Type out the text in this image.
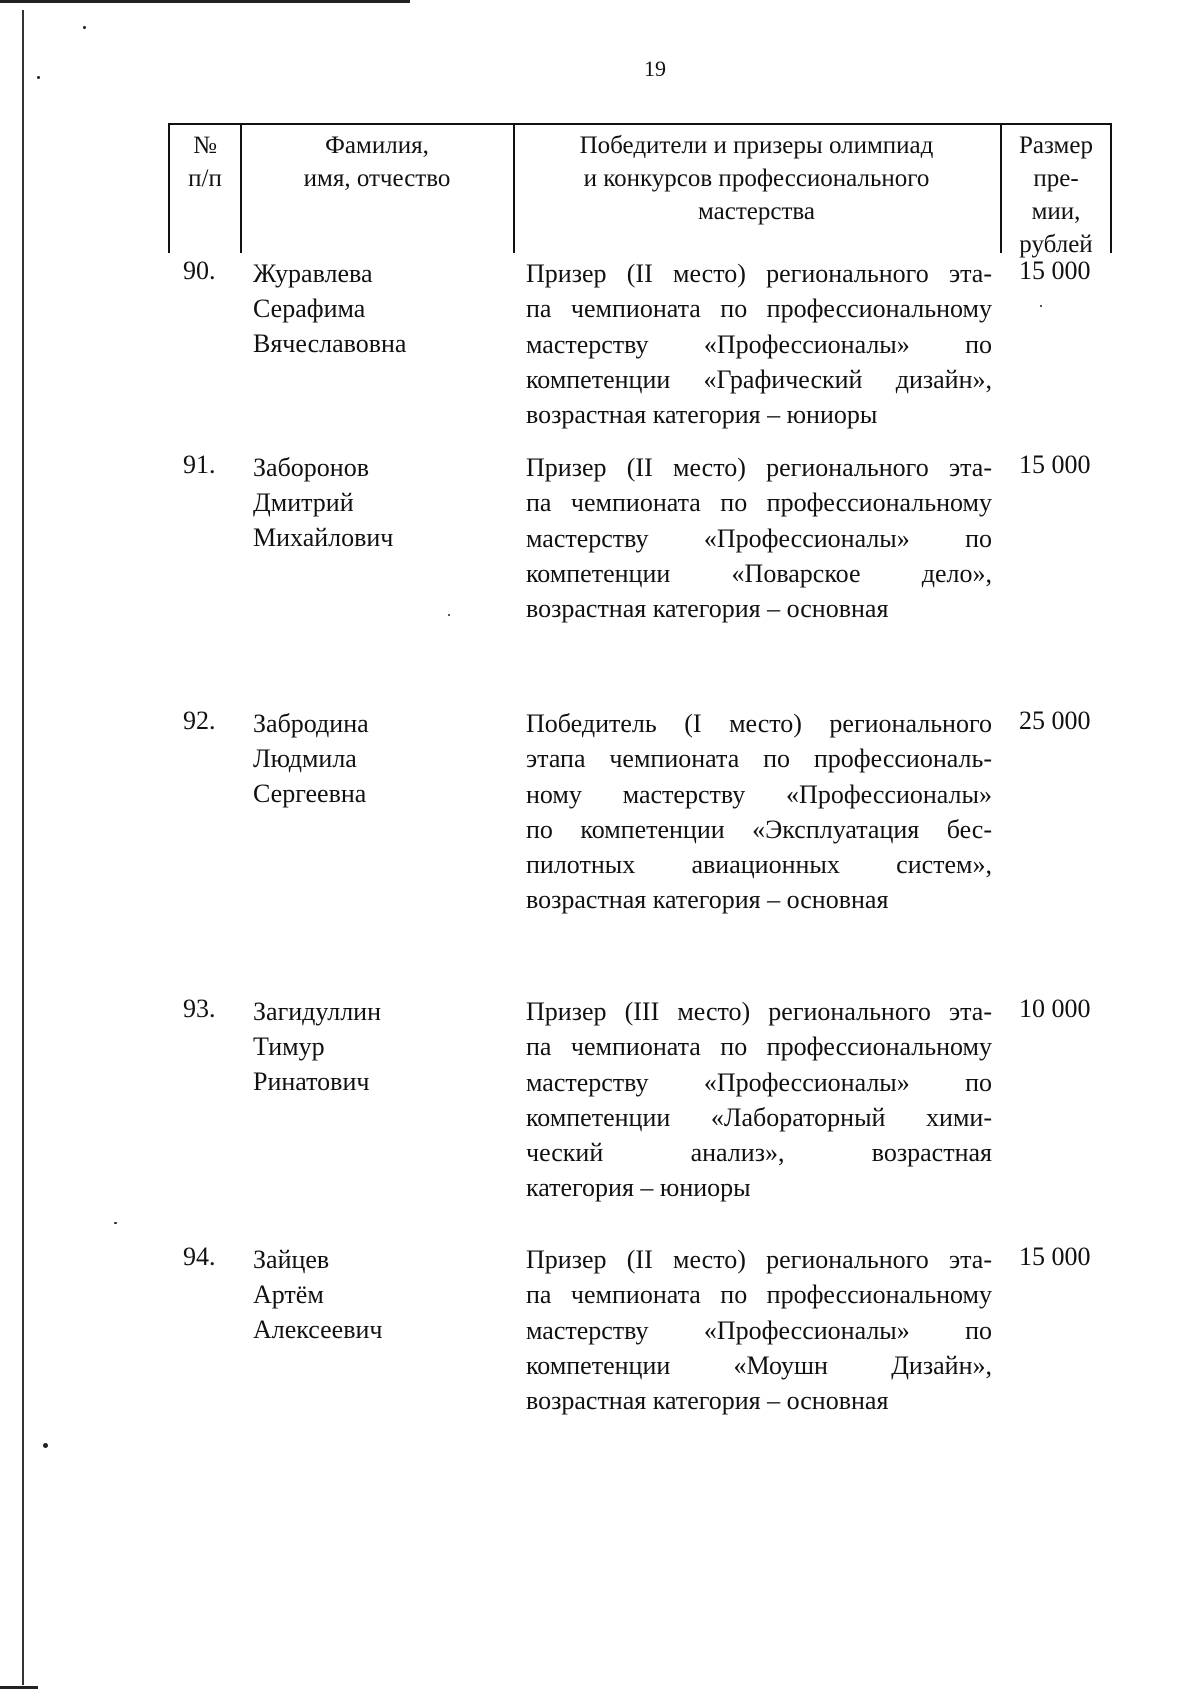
19
№
п/п
Фамилия,
имя, отчество
Победители и призеры олимпиад
и конкурсов профессионального
мастерства
Размер
пре-
мии,
рублей
90. Журавлева
Серафима
Вячеславовна
Призер (II место) регионального эта-
па чемпионата по профессиональному
мастерству «Профессионалы» по
компетенции «Графический дизайн»,
возрастная категория – юниоры
15 000
91. Заборонов
Дмитрий
Михайлович
Призер (II место) регионального эта-
па чемпионата по профессиональному
мастерству «Профессионалы» по
компетенции «Поварское дело»,
возрастная категория – основная
15 000
92. Забродина
Людмила
Сергеевна
Победитель (I место) регионального
этапа чемпионата по профессиональ-
ному мастерству «Профессионалы»
по компетенции «Эксплуатация бес-
пилотных авиационных систем»,
возрастная категория – основная
25 000
93. Загидуллин
Тимур
Ринатович
Призер (III место) регионального эта-
па чемпионата по профессиональному
мастерству «Профессионалы» по
компетенции «Лабораторный хими-
ческий анализ», возрастная
категория – юниоры
10 000
94. Зайцев
Артём
Алексеевич
Призер (II место) регионального эта-
па чемпионата по профессиональному
мастерству «Профессионалы» по
компетенции «Моушн Дизайн»,
возрастная категория – основная
15 000
